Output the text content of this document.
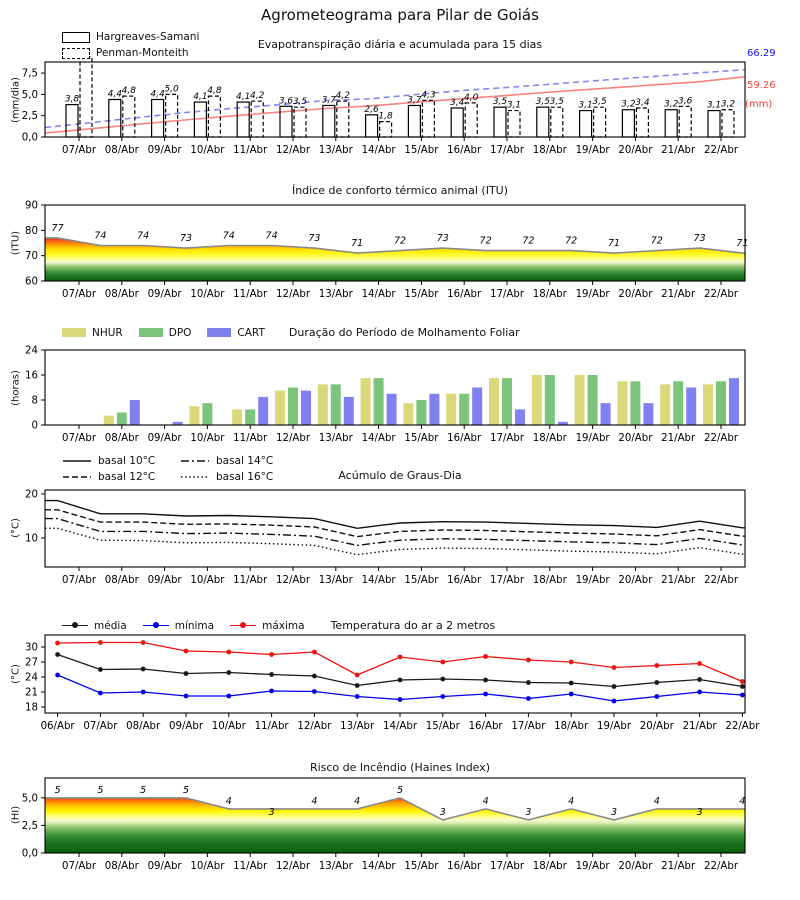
Agrometeograma para Pilar de Goiás
3,8
4,4	4,4	4,1	4,1	3,6	3,7
2,6
3,7	3,4	3,5	3,5	3,1	3,2	3,2	3,1
4,8	5,0	4,8
4,2
3,5
4,2
1,8
4,3	4,0
3,1	3,5	3,5	3,4	3,6	3,2
07/Abr 08/Abr 09/Abr 10/Abr 11/Abr 12/Abr 13/Abr 14/Abr 15/Abr 16/Abr 17/Abr 18/Abr 19/Abr 20/Abr 21/Abr 22/Abr
0,0
2,5
5,0
7,5
77
74	74	73	74	74	73	71	72	73	72	72	72	71	72	73	71
07/Abr 08/Abr 09/Abr 10/Abr 11/Abr 12/Abr 13/Abr 14/Abr 15/Abr 16/Abr 17/Abr 18/Abr 19/Abr 20/Abr 21/Abr 22/Abr
60
70
80
90
07/Abr 08/Abr 09/Abr 10/Abr 11/Abr 12/Abr 13/Abr 14/Abr 15/Abr 16/Abr 17/Abr 18/Abr 19/Abr 20/Abr 21/Abr 22/Abr
0
8
16
24
07/Abr 08/Abr 09/Abr 10/Abr 11/Abr 12/Abr 13/Abr 14/Abr 15/Abr 16/Abr 17/Abr 18/Abr 19/Abr 20/Abr 21/Abr 22/Abr
10
20
06/Abr 07/Abr 08/Abr 09/Abr 10/Abr 11/Abr 12/Abr 13/Abr 14/Abr 15/Abr 16/Abr 17/Abr 18/Abr 19/Abr 20/Abr 21/Abr 22/Abr
18
21
24
27
30
5	5	5	5
4
3
4	4
5
3
4
3
4
3
4
3
4
07/Abr 08/Abr 09/Abr 10/Abr 11/Abr 12/Abr 13/Abr 14/Abr 15/Abr 16/Abr 17/Abr 18/Abr 19/Abr 20/Abr 21/Abr 22/Abr
0,0
2,5
5,0
Hargreaves-Samani
Penman-Monteith
Evapotranspiração diária e acumulada para 15 dias
(mm/dia)
66.29
59.26
(mm)
Índice de conforto térmico animal (ITU)
(ITU)
NHUR	DPO	CART Duração do Período de Molhamento Foliar
(horas)
basal 10°C	basal 14°C
basal 12°C	basal 16°C	Acúmulo de Graus-Dia
(°C)
média	mínima	máxima Temperatura do ar a 2 metros
(°C)
Risco de Incêndio (Haines Index)
(HI)
